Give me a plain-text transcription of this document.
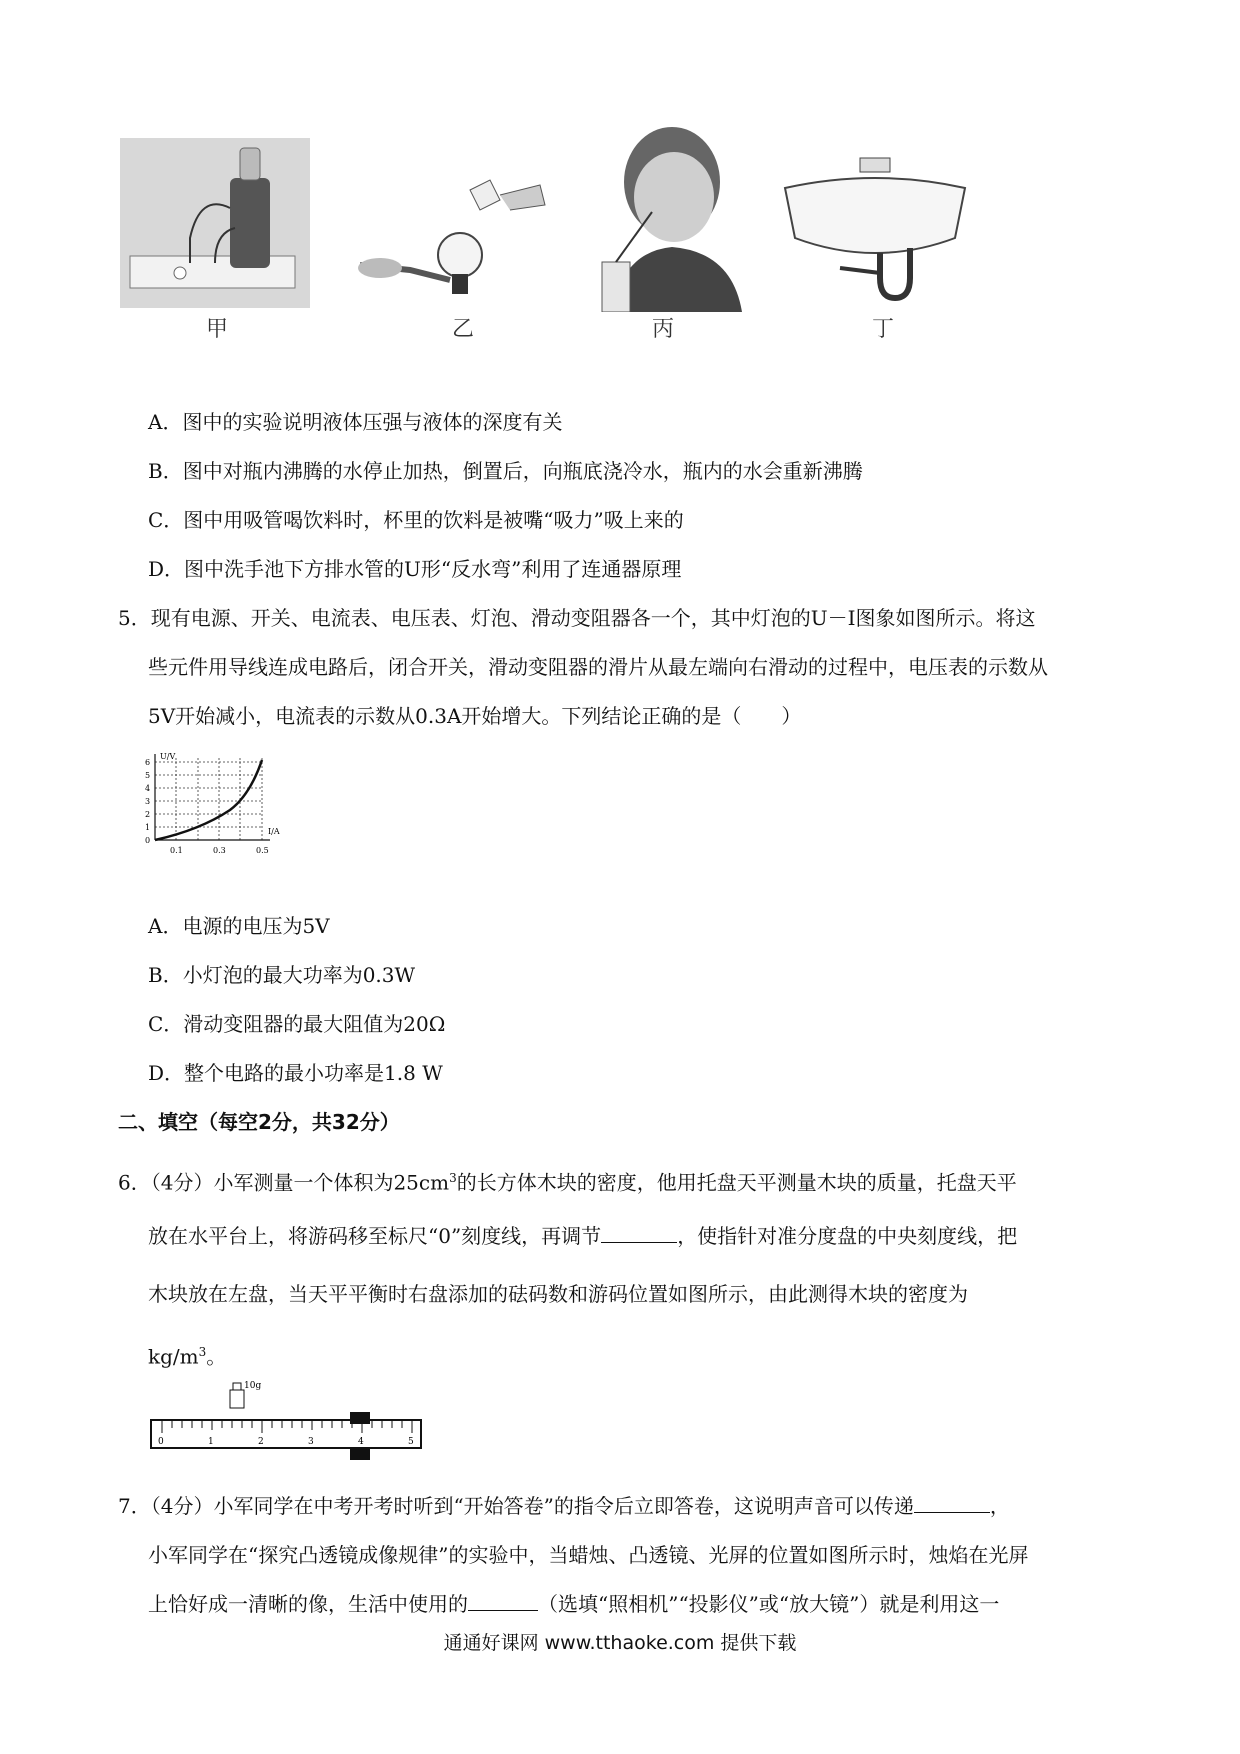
甲	乙	丙	丁
A．图中的实验说明液体压强与液体的深度有关
B．图中对瓶内沸腾的水停止加热，倒置后，向瓶底浇冷水，瓶内的水会重新沸腾
C．图中用吸管喝饮料时，杯里的饮料是被嘴“吸力”吸上来的
D．图中洗手池下方排水管的U形“反水弯”利用了连通器原理
5．现有电源、开关、电流表、电压表、灯泡、滑动变阻器各一个，其中灯泡的U－I图象如图所示。将这
些元件用导线连成电路后，闭合开关，滑动变阻器的滑片从最左端向右滑动的过程中，电压表的示数从
5V开始减小，电流表的示数从0.3A开始增大。下列结论正确的是（　　）
U/V
I/A
6
5
4
3
2
1
0
0.1	0.3	0.5
A．电源的电压为5V
B．小灯泡的最大功率为0.3W
C．滑动变阻器的最大阻值为20Ω
D．整个电路的最小功率是1.8 W
二、填空（每空2分，共32分）
6．（4分）小军测量一个体积为$25cm^3$的长方体木块的密度，他用托盘天平测量木块的质量，托盘天平
放在水平台上，将游码移至标尺“0”刻度线，再调节	，使指针对准分度盘的中央刻度线，把
木块放在左盘，当天平平衡时右盘添加的砝码数和游码位置如图所示，由此测得木块的密度为
$kg/m^3$。
10g
0	1	2	3	4	5
7．（4分）小军同学在中考开考时听到“开始答卷”的指令后立即答卷，这说明声音可以传递	，
小军同学在“探究凸透镜成像规律”的实验中，当蜡烛、凸透镜、光屏的位置如图所示时，烛焰在光屏
上恰好成一清晰的像，生活中使用的	（选填“照相机”“投影仪”或“放大镜”）就是利用这一
通通好课网 www.tthaoke.com 提供下载
